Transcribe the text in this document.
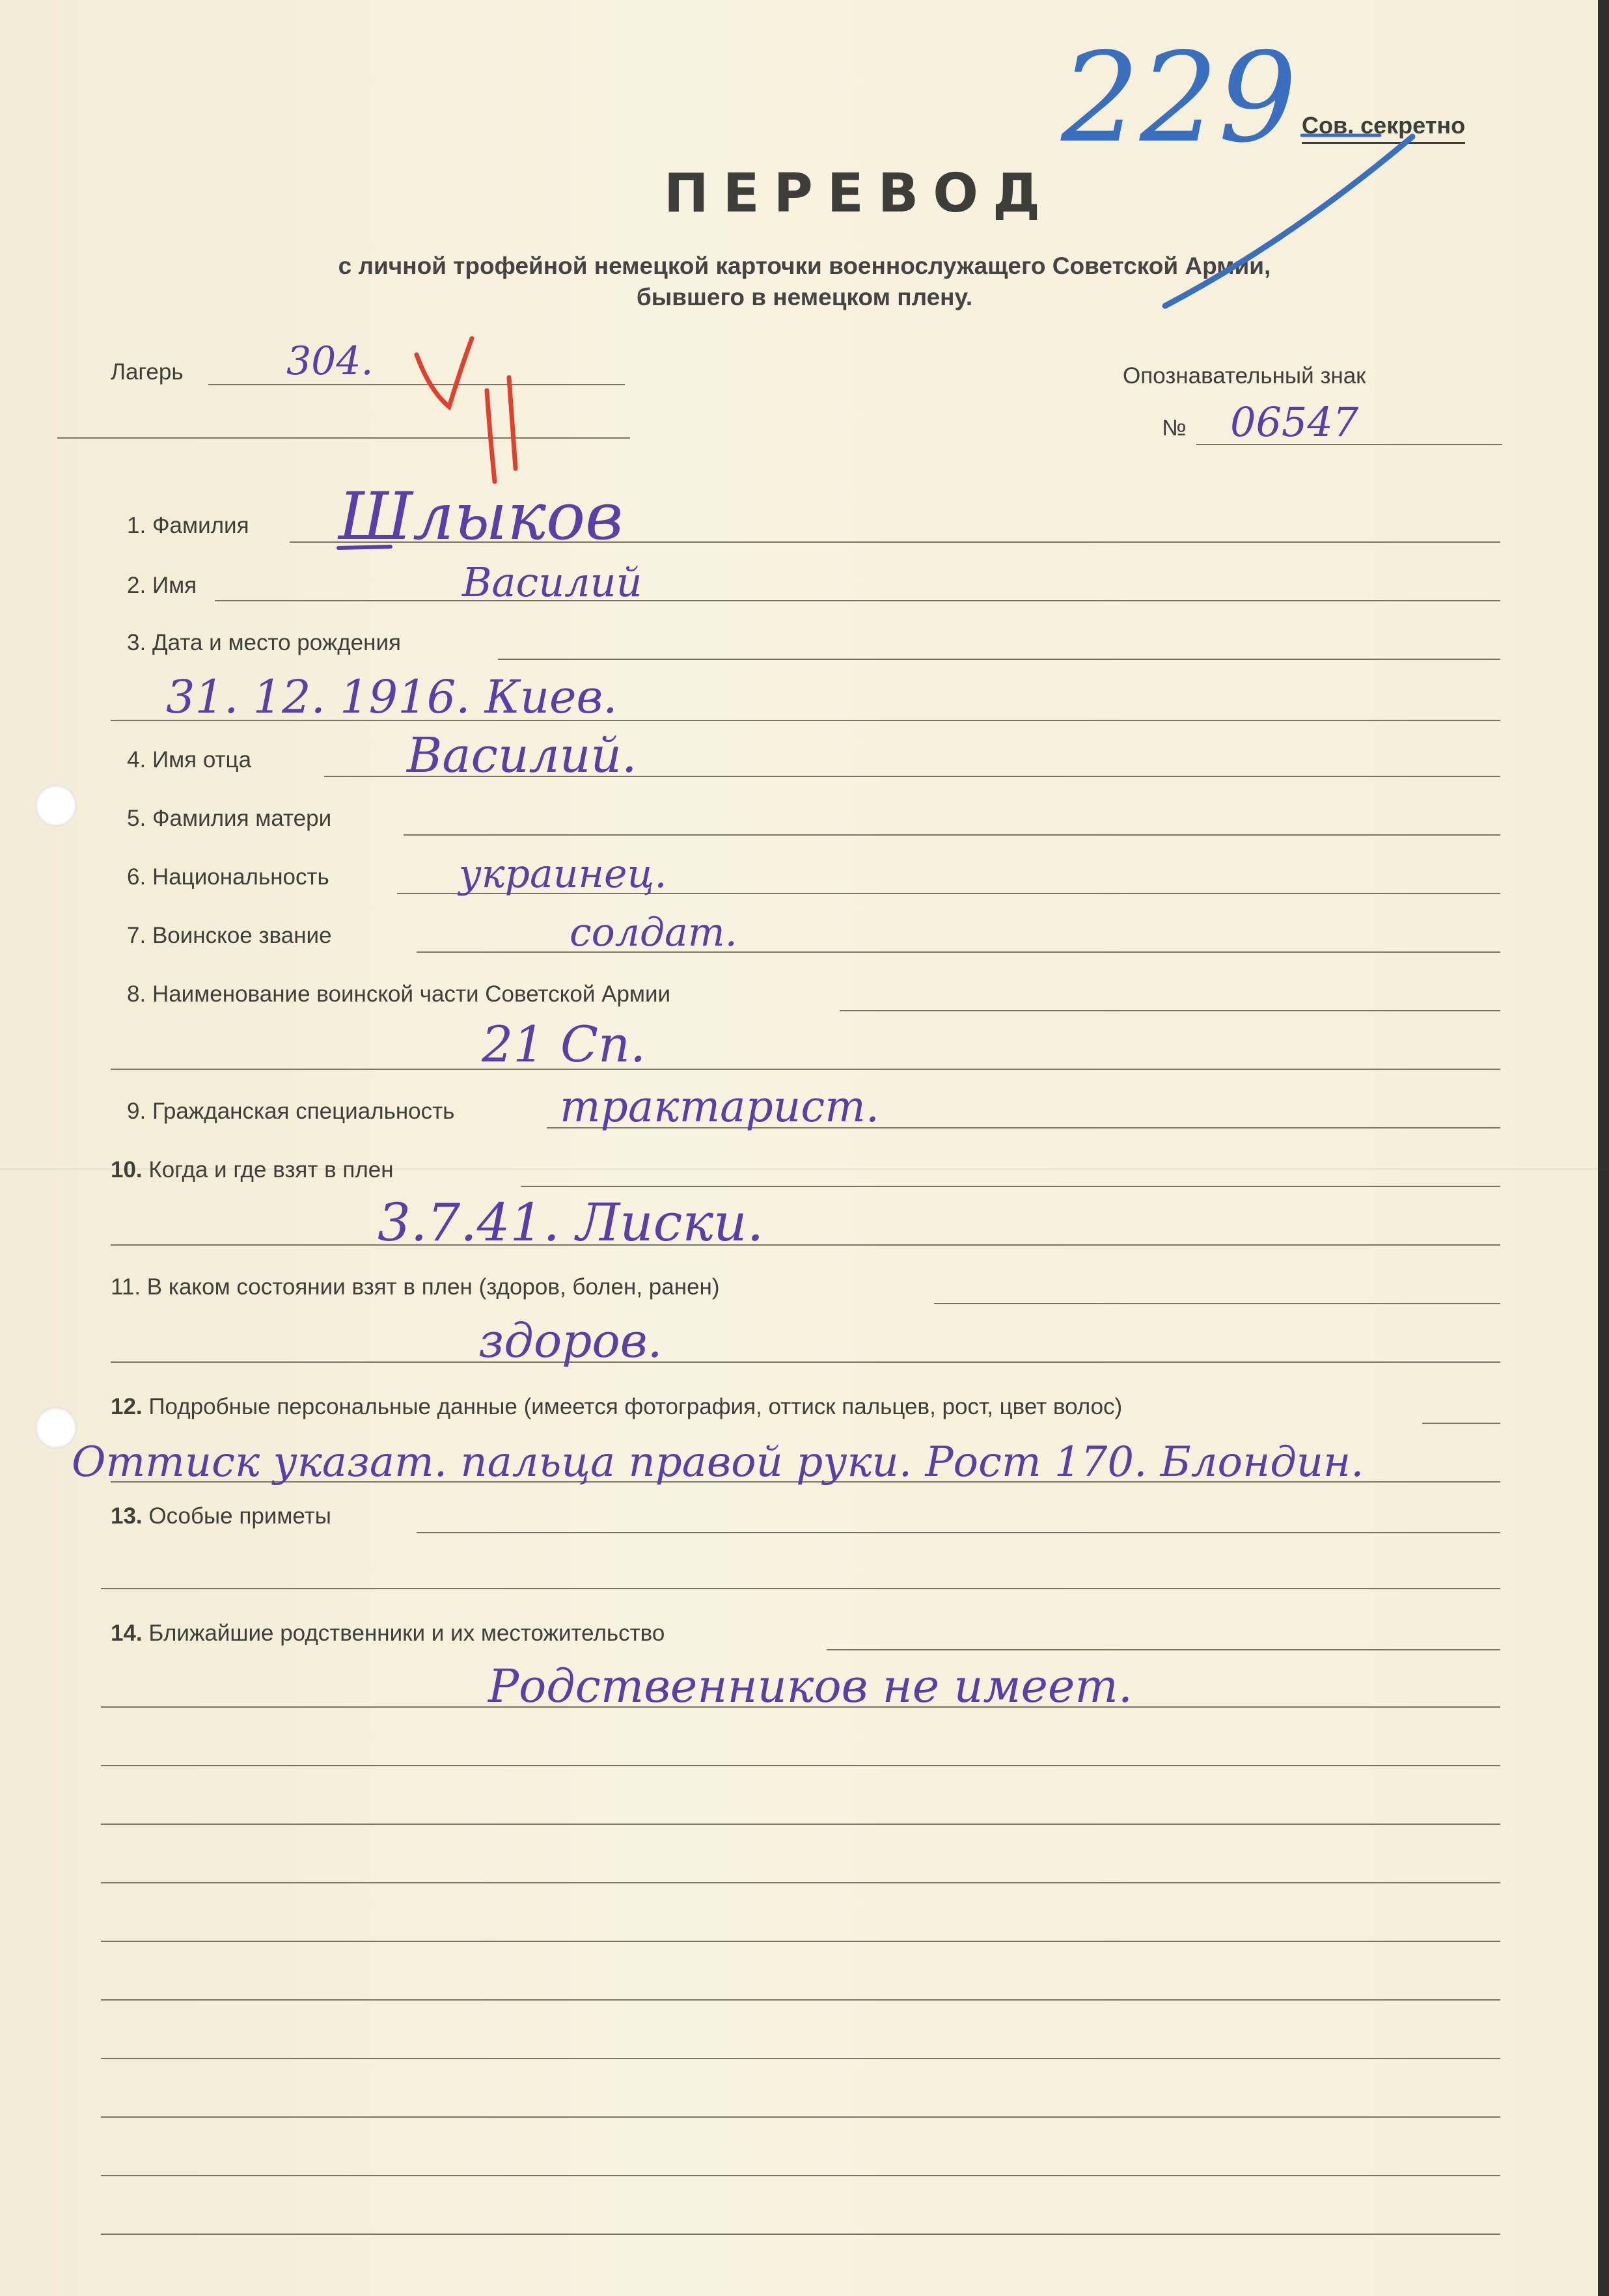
229 Сов. секретно
ПЕРЕВОД
с личной трофейной немецкой карточки военнослужащего Советской Армии,
бывшего в немецком плену.
Лагерь	304.	Опознавательный знак
№ 06547
1. Фамилия Шлыков
2. Имя	Василий
3. Дата и место рождения
31. 12. 1916. Киев.
4. Имя отца	Василий.
5. Фамилия матери
6. Национальность	украинец.
7. Воинское звание	солдат.
8. Наименование воинской части Советской Армии
21 Сп.
9. Гражданская специальность трактарист.
10. Когда и где взят в плен
3.7.41. Лиски.
11. В каком состоянии взят в плен (здоров, болен, ранен)
здоров.
12. Подробные персональные данные (имеется фотография, оттиск пальцев, рост, цвет волос)
Оттиск указат. пальца правой руки. Рост 170. Блондин.
13. Особые приметы
14. Ближайшие родственники и их местожительство
Родственников не имеет.
